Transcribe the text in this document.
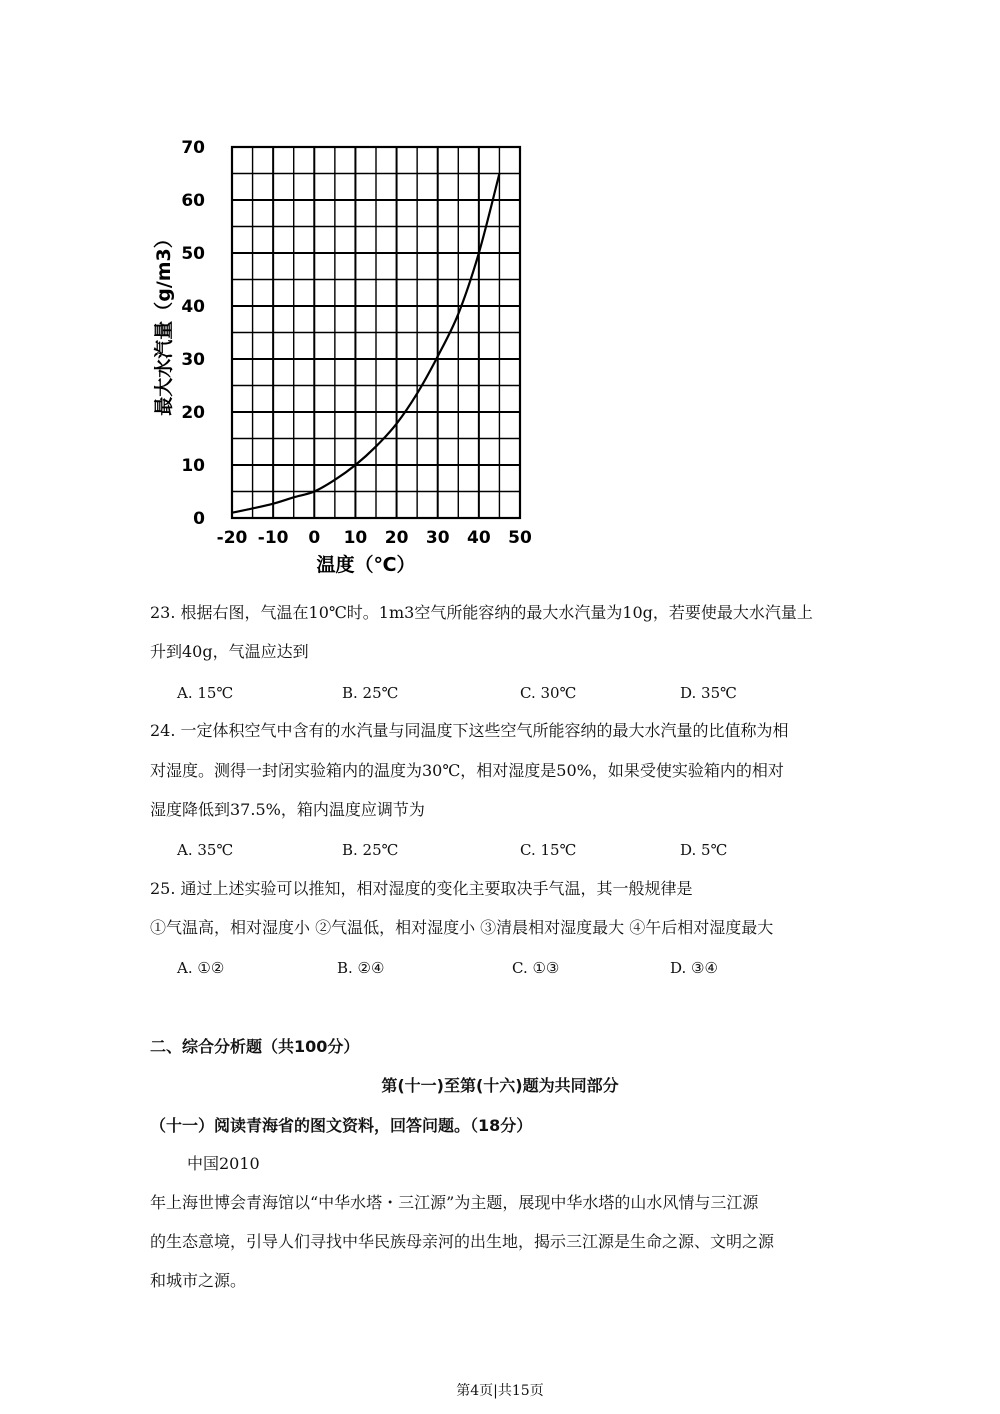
-20 -10 0 10 20 30 40 50
0
10
20
30
40
50
60
70
温度（℃）
最大水汽量（g/m3）
23. 根据右图，气温在10℃时。1m3空气所能容纳的最大水汽量为10g，若要使最大水汽量上
升到40g，气温应达到
A. 15℃	B. 25℃	C. 30℃	D. 35℃
24. 一定体积空气中含有的水汽量与同温度下这些空气所能容纳的最大水汽量的比值称为相
对湿度。测得一封闭实验箱内的温度为30℃，相对湿度是50%，如果受使实验箱内的相对
湿度降低到37.5%，箱内温度应调节为
A. 35℃	B. 25℃	C. 15℃	D. 5℃
25. 通过上述实验可以推知，相对湿度的变化主要取决手气温，其一般规律是
①气温高，相对湿度小 ②气温低，相对湿度小 ③清晨相对湿度最大 ④午后相对湿度最大
A. ①②	B. ②④	C. ①③	D. ③④
二、综合分析题（共100分）
第(十一)至第(十六)题为共同部分
（十一）阅读青海省的图文资料，回答问题。（18分）
中国2010
年上海世博会青海馆以“中华水塔・三江源”为主题，展现中华水塔的山水风情与三江源
的生态意境，引导人们寻找中华民族母亲河的出生地，揭示三江源是生命之源、文明之源
和城市之源。
第4页|共15页
